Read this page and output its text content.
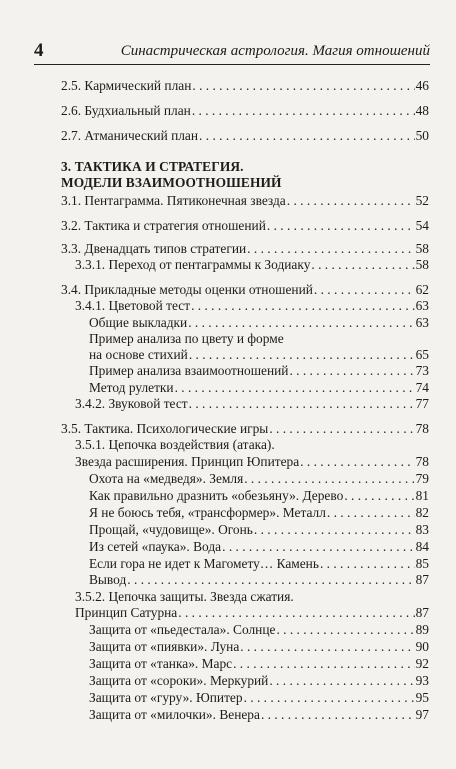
4	Синастрическая астрология. Магия отношений
2.5. Кармический план . . .	46
2.6. Будхиальный план . . .	48
2.7. Атманический план . . .	50
3. ТАКТИКА И СТРАТЕГИЯ.
МОДЕЛИ ВЗАИМООТНОШЕНИЙ
3.1. Пентаграмма. Пятиконечная звезда . . .	52
3.2. Тактика и стратегия отношений . . .	54
3.3. Двенадцать типов стратегии . . .	58
3.3.1. Переход от пентаграммы к Зодиаку . . .	58
3.4. Прикладные методы оценки отношений . . .	62
3.4.1. Цветовой тест . . .	63
Общие выкладки . . .	63
Пример анализа по цвету и форме
на основе стихий . . .	65
Пример анализа взаимоотношений . . .	73
Метод рулетки . . .	74
3.4.2. Звуковой тест . . .	77
3.5. Тактика. Психологические игры . . .	78
3.5.1. Цепочка воздействия (атака).
Звезда расширения. Принцип Юпитера . . .	78
Охота на «медведя». Земля . . .	79
Как правильно дразнить «обезьяну». Дерево . . .	81
Я не боюсь тебя, «трансформер». Металл . . .	82
Прощай, «чудовище». Огонь . . .	83
Из сетей «паука». Вода . . .	84
Если гора не идет к Магомету… Камень . . .	85
Вывод . . .	87
3.5.2. Цепочка защиты. Звезда сжатия.
Принцип Сатурна . . .	87
Защита от «пьедестала». Солнце . . .	89
Защита от «пиявки». Луна . . .	90
Защита от «танка». Марс . . .	92
Защита от «сороки». Меркурий . . .	93
Защита от «гуру». Юпитер . . .	95
Защита от «милочки». Венера . . .	97
